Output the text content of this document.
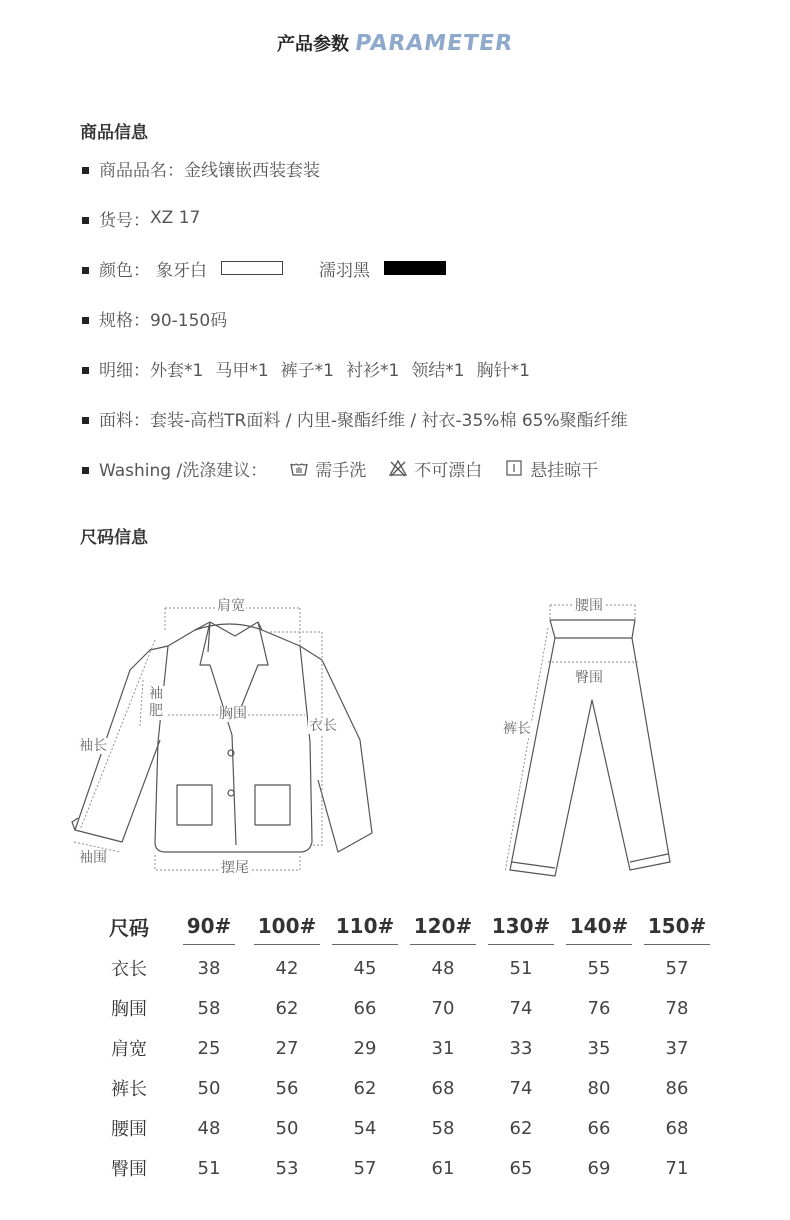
产品参数 PARAMETER
商品信息
商品品名： 金线镶嵌西装套装
货号： XZ 17
颜色： 象牙白	濡羽黑
规格： 90-150码
明细： 外套*1 马甲*1 裤子*1 衬衫*1 领结*1 胸针*1
面料： 套装-高档TR面料 / 内里-聚酯纤维 / 衬衣-35%棉 65%聚酯纤维
Washing /洗涤建议：	需手洗	不可漂白	悬挂晾干
尺码信息
肩宽
袖肥	胸围
衣长
袖长
袖围
摆尾
腰围
臀围
裤长
尺码	90#	100#	110#	120#	130#	140#	150#
衣长	38	42	45	48	51	55	57
胸围	58	62	66	70	74	76	78
肩宽	25	27	29	31	33	35	37
裤长	50	56	62	68	74	80	86
腰围	48	50	54	58	62	66	68
臀围	51	53	57	61	65	69	71
